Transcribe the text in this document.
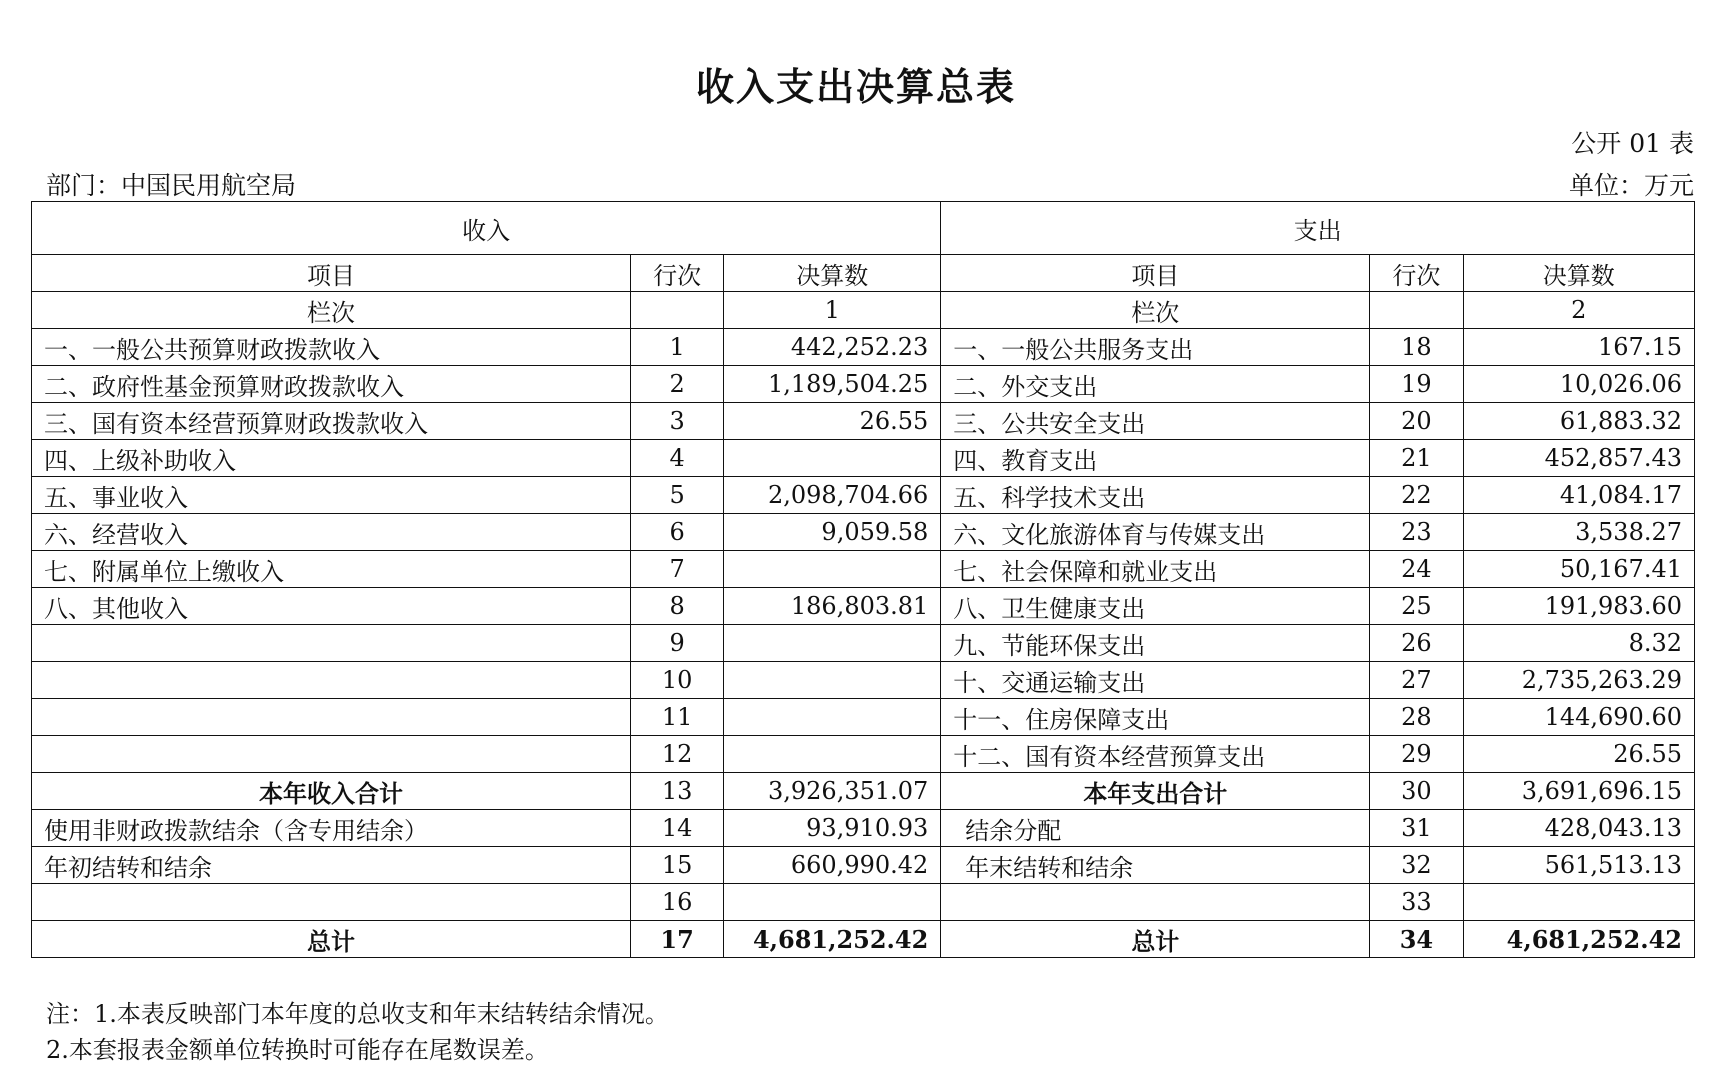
收入支出决算总表
公开 01 表
部门：中国民用航空局	单位：万元
收入			支出		
项目	行次	决算数	项目	行次	决算数
栏次		1	栏次		2
一、一般公共预算财政拨款收入	1	442,252.23	一、一般公共服务支出	18	167.15
二、政府性基金预算财政拨款收入	2	1,189,504.25	二、外交支出	19	10,026.06
三、国有资本经营预算财政拨款收入	3	26.55	三、公共安全支出	20	61,883.32
四、上级补助收入	4		四、教育支出	21	452,857.43
五、事业收入	5	2,098,704.66	五、科学技术支出	22	41,084.17
六、经营收入	6	9,059.58	六、文化旅游体育与传媒支出	23	3,538.27
七、附属单位上缴收入	7		七、社会保障和就业支出	24	50,167.41
八、其他收入	8	186,803.81	八、卫生健康支出	25	191,983.60
	9		九、节能环保支出	26	8.32
	10		十、交通运输支出	27	2,735,263.29
	11		十一、住房保障支出	28	144,690.60
	12		十二、国有资本经营预算支出	29	26.55
本年收入合计	13	3,926,351.07	本年支出合计	30	3,691,696.15
使用非财政拨款结余（含专用结余）	14	93,910.93	结余分配	31	428,043.13
年初结转和结余	15	660,990.42	年末结转和结余	32	561,513.13
	16			33	
总计	17	4,681,252.42	总计	34	4,681,252.42
注：1.本表反映部门本年度的总收支和年末结转结余情况。
2.本套报表金额单位转换时可能存在尾数误差。
